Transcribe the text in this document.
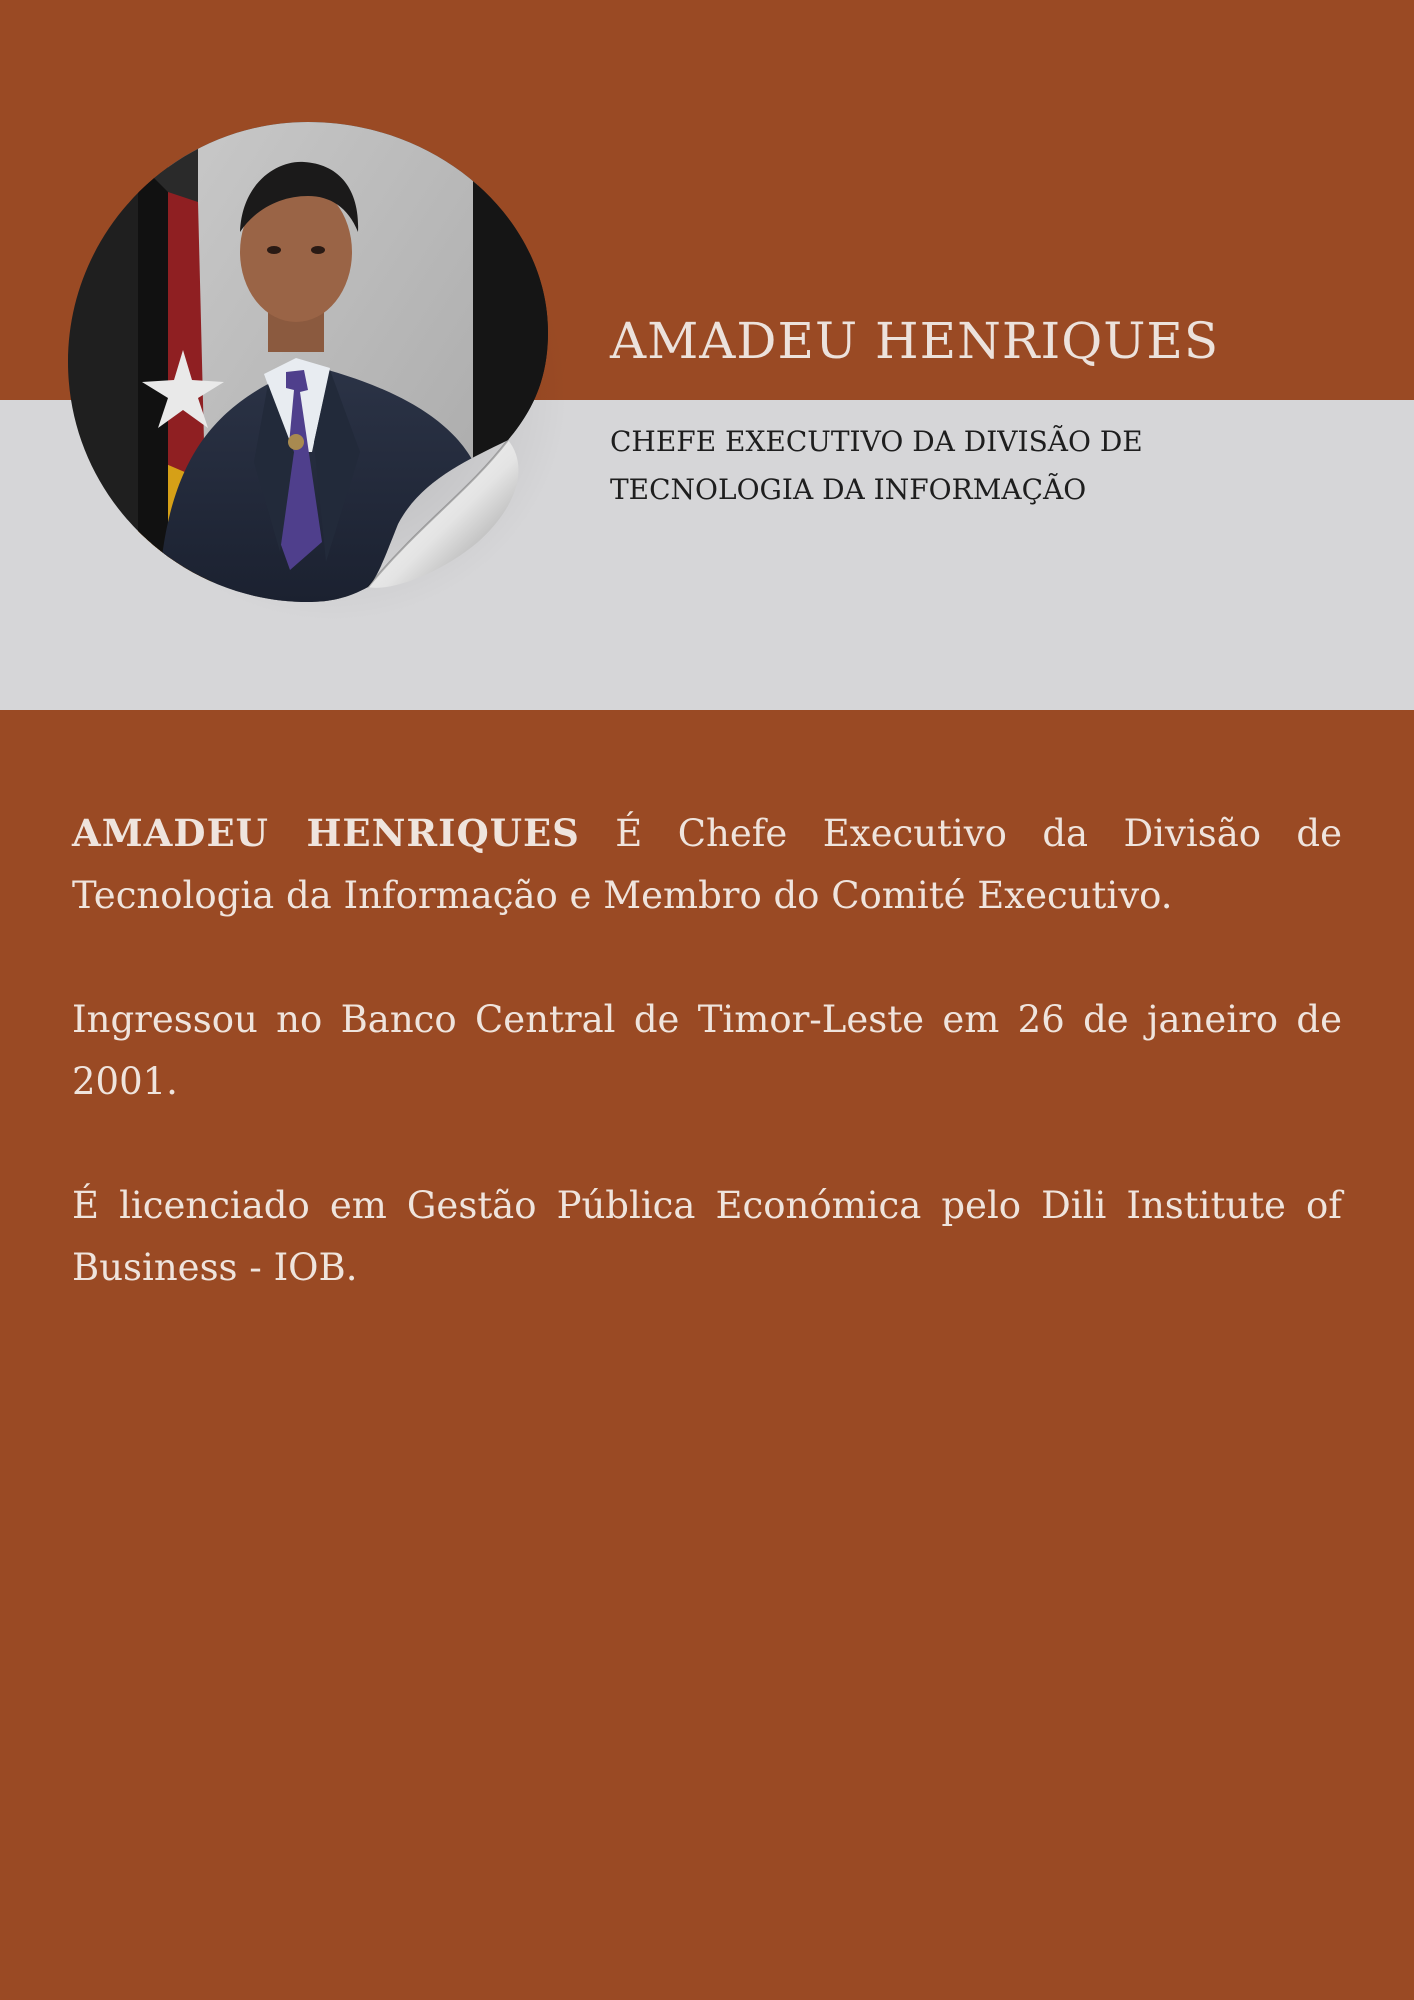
AMADEU HENRIQUES
CHEFE EXECUTIVO DA DIVISÃO DE
TECNOLOGIA DA INFORMAÇÃO

AMADEU HENRIQUES É Chefe Executivo da Divisão de Tecnologia da Informação e Membro do Comité Executivo.

Ingressou no Banco Central de Timor-Leste em 26 de janeiro de 2001.

É licenciado em Gestão Pública Económica pelo Dili Institute of Business - IOB.
